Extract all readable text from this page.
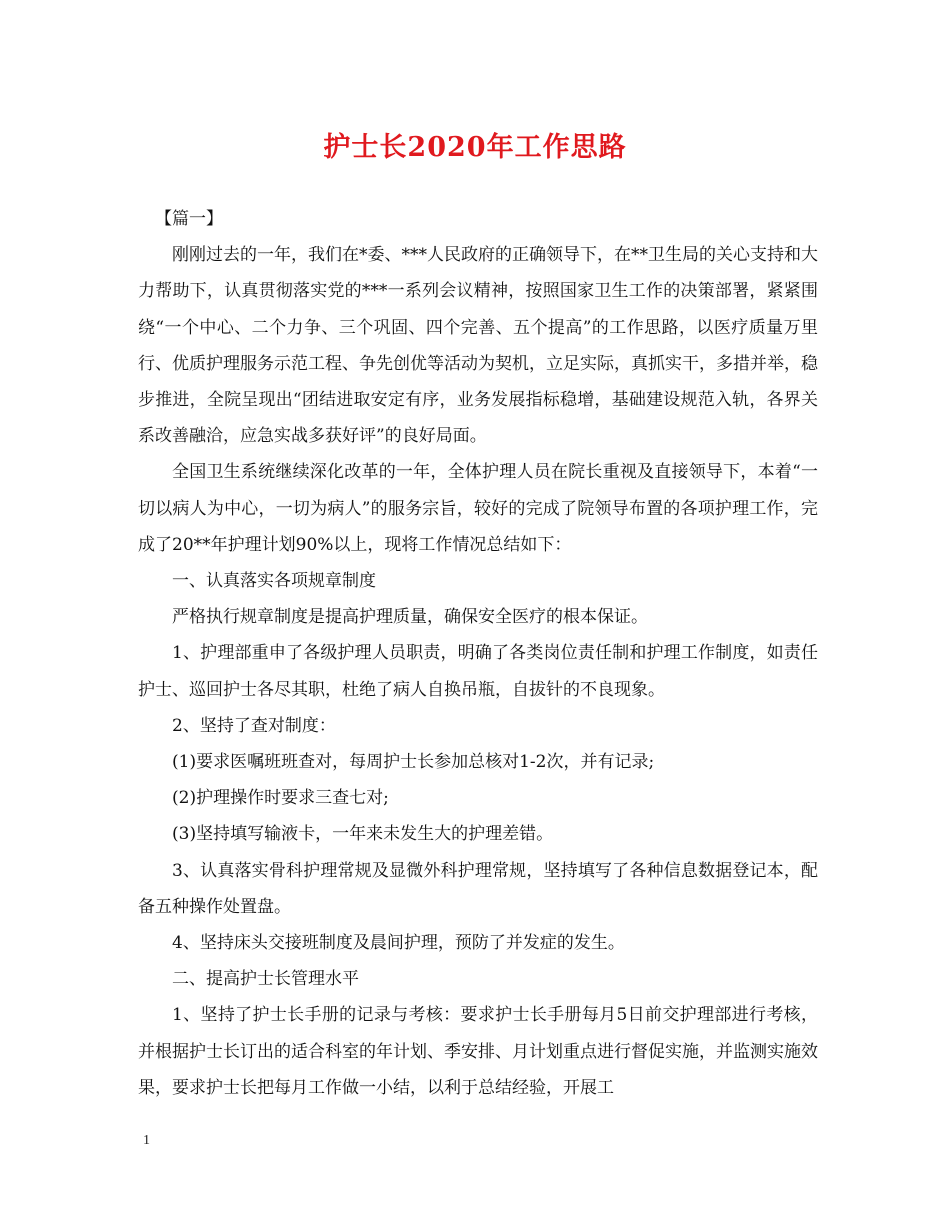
护士长2020年工作思路

【篇一】

刚刚过去的一年，我们在*委、***人民政府的正确领导下，在**卫生局的关心支持和大力帮助下，认真贯彻落实党的***一系列会议精神，按照国家卫生工作的决策部署，紧紧围绕“一个中心、二个力争、三个巩固、四个完善、五个提高”的工作思路，以医疗质量万里行、优质护理服务示范工程、争先创优等活动为契机，立足实际，真抓实干，多措并举，稳步推进，全院呈现出“团结进取安定有序，业务发展指标稳增，基础建设规范入轨，各界关系改善融洽，应急实战多获好评”的良好局面。

全国卫生系统继续深化改革的一年，全体护理人员在院长重视及直接领导下，本着“一切以病人为中心，一切为病人”的服务宗旨，较好的完成了院领导布置的各项护理工作，完成了20**年护理计划90%以上，现将工作情况总结如下：

一、认真落实各项规章制度

严格执行规章制度是提高护理质量，确保安全医疗的根本保证。

1、护理部重申了各级护理人员职责，明确了各类岗位责任制和护理工作制度，如责任护士、巡回护士各尽其职，杜绝了病人自换吊瓶，自拔针的不良现象。

2、坚持了查对制度：

(1)要求医嘱班班查对，每周护士长参加总核对1-2次，并有记录;

(2)护理操作时要求三查七对;

(3)坚持填写输液卡，一年来未发生大的护理差错。

3、认真落实骨科护理常规及显微外科护理常规，坚持填写了各种信息数据登记本，配备五种操作处置盘。

4、坚持床头交接班制度及晨间护理，预防了并发症的发生。

二、提高护士长管理水平

1、坚持了护士长手册的记录与考核：要求护士长手册每月5日前交护理部进行考核，并根据护士长订出的适合科室的年计划、季安排、月计划重点进行督促实施，并监测实施效果，要求护士长把每月工作做一小结，以利于总结经验，开展工

1
